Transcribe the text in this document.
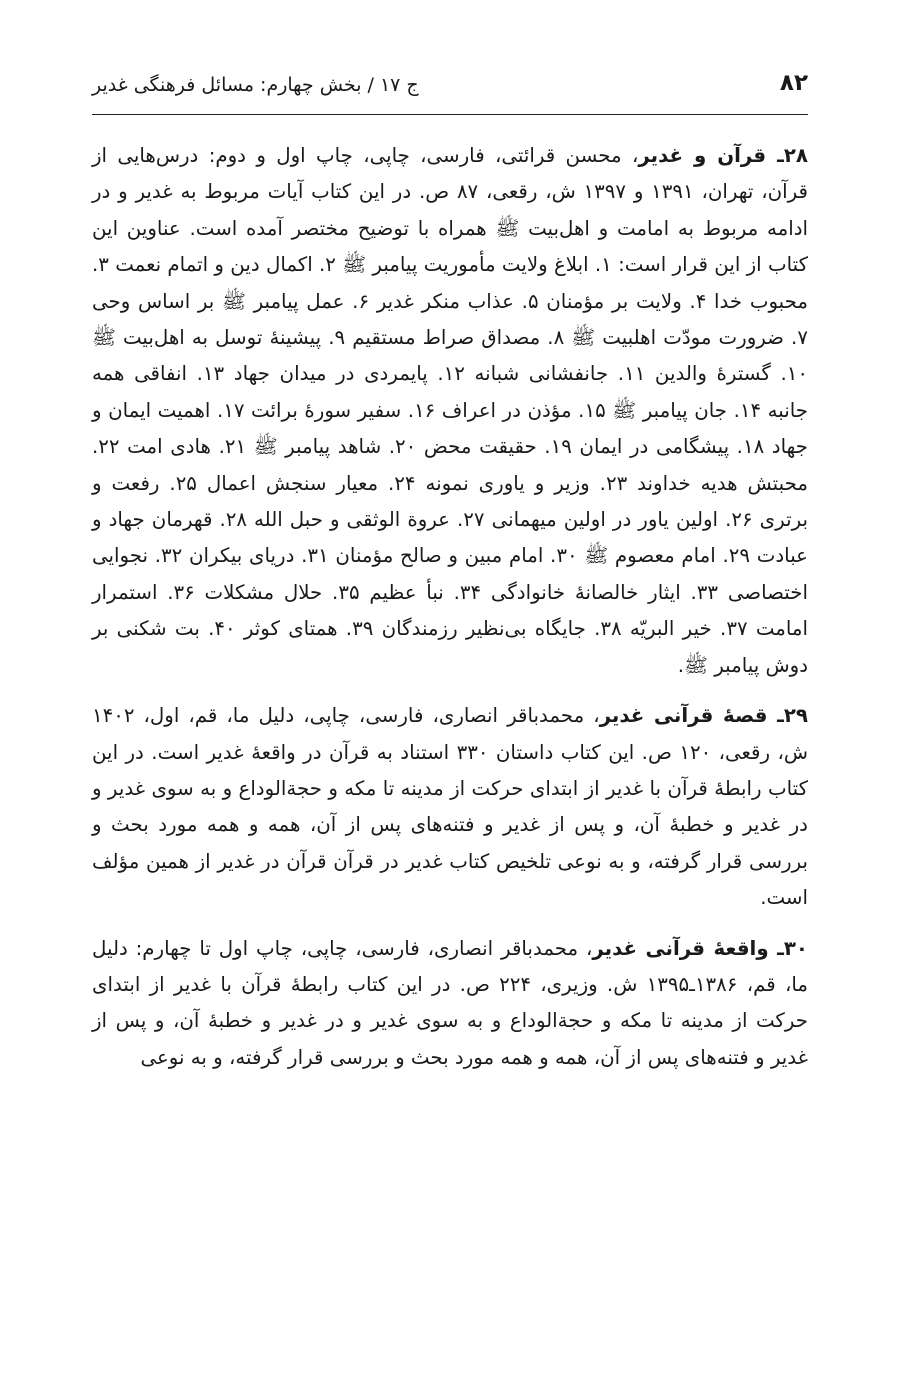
۸۲
ج ۱۷ / بخش چهارم: مسائل فرهنگی غدیر

۲۸ـ قرآن و غدیر، محسن قرائتی، فارسی، چاپی، چاپ اول و دوم: درس‌هایی از قرآن، تهران، ۱۳۹۱ و ۱۳۹۷ ش، رقعی، ۸۷ ص. در این کتاب آیات مربوط به غدیر و در ادامه مربوط به امامت و اهل‌بیت ﷺ همراه با توضیح مختصر آمده است. عناوین این کتاب از این قرار است: ۱. ابلاغ ولایت مأموریت پیامبر ﷺ ۲. اکمال دین و اتمام نعمت ۳. محبوب خدا ۴. ولایت بر مؤمنان ۵. عذاب منکر غدیر ۶. عمل پیامبر ﷺ بر اساس وحی ۷. ضرورت مودّت اهلبیت ﷺ ۸. مصداق صراط مستقیم ۹. پیشینهٔ توسل به اهل‌بیت ﷺ ۱۰. گسترهٔ والدین ۱۱. جانفشانی شبانه ۱۲. پایمردی در میدان جهاد ۱۳. انفاقی همه جانبه ۱۴. جان پیامبر ﷺ ۱۵. مؤذن در اعراف ۱۶. سفیر سورهٔ برائت ۱۷. اهمیت ایمان و جهاد ۱۸. پیشگامی در ایمان ۱۹. حقیقت محض ۲۰. شاهد پیامبر ﷺ ۲۱. هادی امت ۲۲. محبتش هدیه خداوند ۲۳. وزیر و یاوری نمونه ۲۴. معیار سنجش اعمال ۲۵. رفعت و برتری ۲۶. اولین یاور در اولین میهمانی ۲۷. عروة الوثقی و حبل الله ۲۸. قهرمان جهاد و عبادت ۲۹. امام معصوم ﷺ ۳۰. امام مبین و صالح مؤمنان ۳۱. دریای بیکران ۳۲. نجوایی اختصاصی ۳۳. ایثار خالصانهٔ خانوادگی ۳۴. نبأ عظیم ۳۵. حلال مشکلات ۳۶. استمرار امامت ۳۷. خیر البریّه ۳۸. جایگاه بی‌نظیر رزمندگان ۳۹. همتای کوثر ۴۰. بت شکنی بر دوش پیامبر ﷺ.

۲۹ـ قصهٔ قرآنی غدیر، محمدباقر انصاری، فارسی، چاپی، دلیل ما، قم، اول، ۱۴۰۲ ش، رقعی، ۱۲۰ ص. این کتاب داستان ۳۳۰ استناد به قرآن در واقعهٔ غدیر است. در این کتاب رابطهٔ قرآن با غدیر از ابتدای حرکت از مدینه تا مکه و حجةالوداع و به سوی غدیر و در غدیر و خطبهٔ آن، و پس از غدیر و فتنه‌های پس از آن، همه و همه مورد بحث و بررسی قرار گرفته، و به نوعی تلخیص کتاب غدیر در قرآن قرآن در غدیر از همین مؤلف است.

۳۰ـ واقعهٔ قرآنی غدیر، محمدباقر انصاری، فارسی، چاپی، چاپ اول تا چهارم: دلیل ما، قم، ۱۳۸۶ـ۱۳۹۵ ش. وزیری، ۲۲۴ ص. در این کتاب رابطهٔ قرآن با غدیر از ابتدای حرکت از مدینه تا مکه و حجةالوداع و به سوی غدیر و در غدیر و خطبهٔ آن، و پس از غدیر و فتنه‌های پس از آن، همه و همه مورد بحث و بررسی قرار گرفته، و به نوعی
